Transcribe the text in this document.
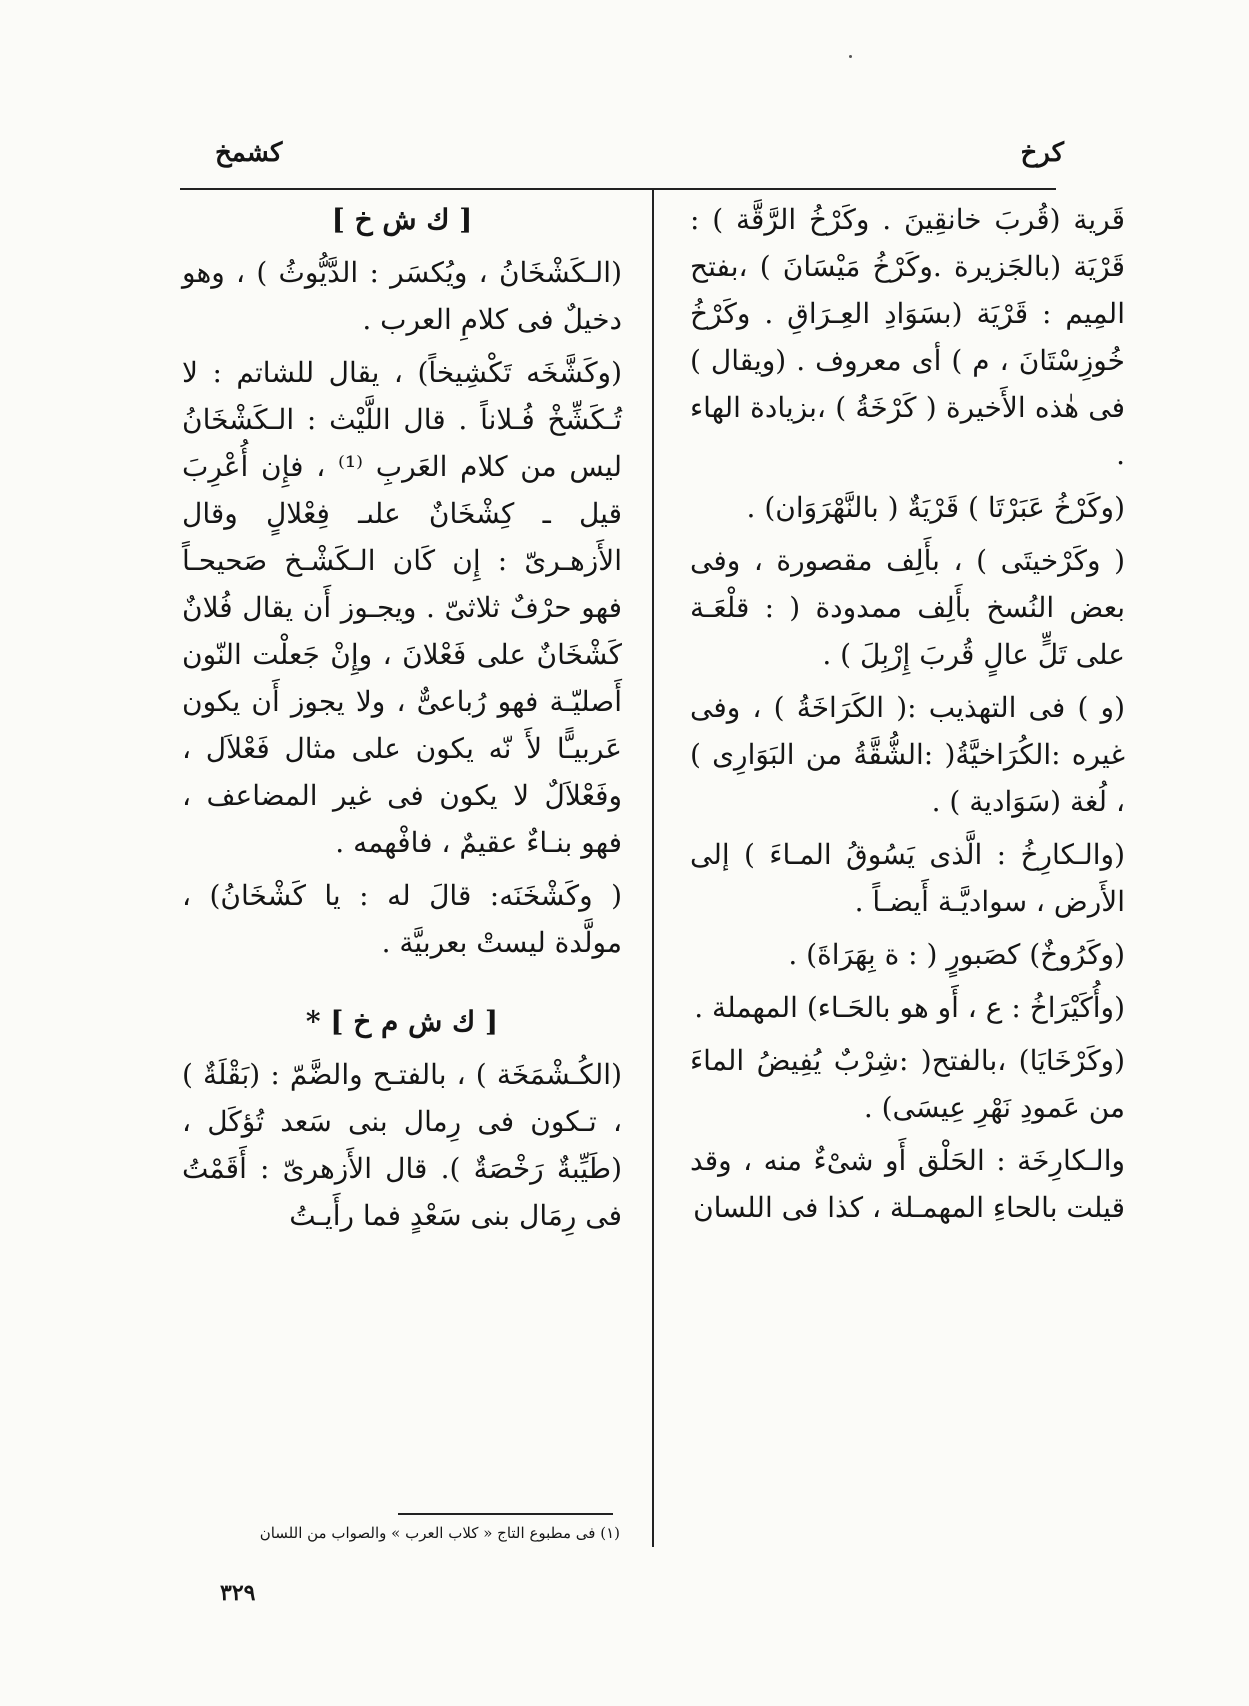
كرخ
كشمخ

قَرية (قُربَ خانقِينَ . وكَرْخُ الرَّقَّة ) : قَرْيَة (بالجَزيرة .وكَرْخُ مَيْسَانَ ) ،بفتح المِيم : قَرْيَة (بسَوَادِ العِـرَاقِ . وكَرْخُ خُوزِسْتَانَ ، م ) أى معروف . (ويقال ) فى هٰذه الأَخيرة ( كَرْخَةُ ) ،بزيادة الهاء .

(وكَرْخُ عَبَرْتَا ) قَرْيَةٌ ( بالنَّهْرَوَان) .

( وكَرْخيتَى ) ، بأَلِف مقصورة ، وفى بعض النُسخ بأَلِف ممدودة ( : قلْعَـة على تَلٍّ عالٍ قُربَ إِرْبِلَ ) .

(و ) فى التهذيب :( الكَرَاخَةُ ) ، وفى غيره :الكُرَاخيَّةُ( :الشُّقَّةُ من البَوَارِى ) ، لُغة (سَوَادية ) .

(والـكارِخُ : الَّذى يَسُوقُ المـاءَ ) إلى الأَرض ، سواديَّـة أَيضـاً .

(وكَرُوخٌ) كصَبورٍ ( : ة بِهَرَاةَ) .

(وأُكَيْرَاخُ : ع ، أَو هو بالحَـاء) المهملة .

(وكَرْخَايَا) ،بالفتح( :شِرْبٌ يُفِيضُ الماءَ من عَمودِ نَهْرِ عِيسَى) .

والـكارِخَة : الحَلْق أَو شىْءٌ منه ، وقد قيلت بالحاءِ المهمـلة ، كذا فى اللسان

[ ك ش خ ]

(الـكَشْخَانُ ، ويُكسَر : الدَّيُّوثُ ) ، وهو دخيلٌ فى كلامِ العرب .

(وكَشَّخَه تَكْشِيخاً) ، يقال للشاتم : لا تُـكَشِّخْ فُـلاناً . قال اللَّيْث : الـكَشْخَانُ ليس من كلام العَربِ ⁽¹⁾ ، فإِن أُعْرِبَ قيل ـ كِشْخَانٌ علىـ فِعْلالٍ وقال الأَزهـرىّ : إِن كَان الـكَشْـخ صَحيحـاً فهو حرْفٌ ثلاثىّ . ويجـوز أَن يقال فُلانٌ كَشْخَانٌ على فَعْلانَ ، وإِنْ جَعلْت النّون أَصليّـة فهو رُباعىٌّ ، ولا يجوز أَن يكون عَربيـًّا لأَ نّه يكون على مثال فَعْلاَل ، وفَعْلاَلٌ لا يكون فى غير المضاعف ، فهو بنـاءٌ عقيمٌ ، فافْهمه .

( وكَشْخَنَه: قالَ له : يا كَشْخَانُ) ، مولَّدة ليستْ بعربيَّة .

[ ك ش م خ ] *

(الكُـشْمَخَة ) ، بالفتـح والضَّمّ : (بَقْلَةٌ ) ، تـكون فى رِمال بنى سَعد تُؤكَل ، (طَيِّبةٌ رَخْصَةٌ ). قال الأَزهرىّ : أَقَمْتُ فى رِمَال بنى سَعْدٍ فما رأَيـتُ

(١) فى مطبوع التاج « كلاب العرب » والصواب من اللسان
٣٢٩
